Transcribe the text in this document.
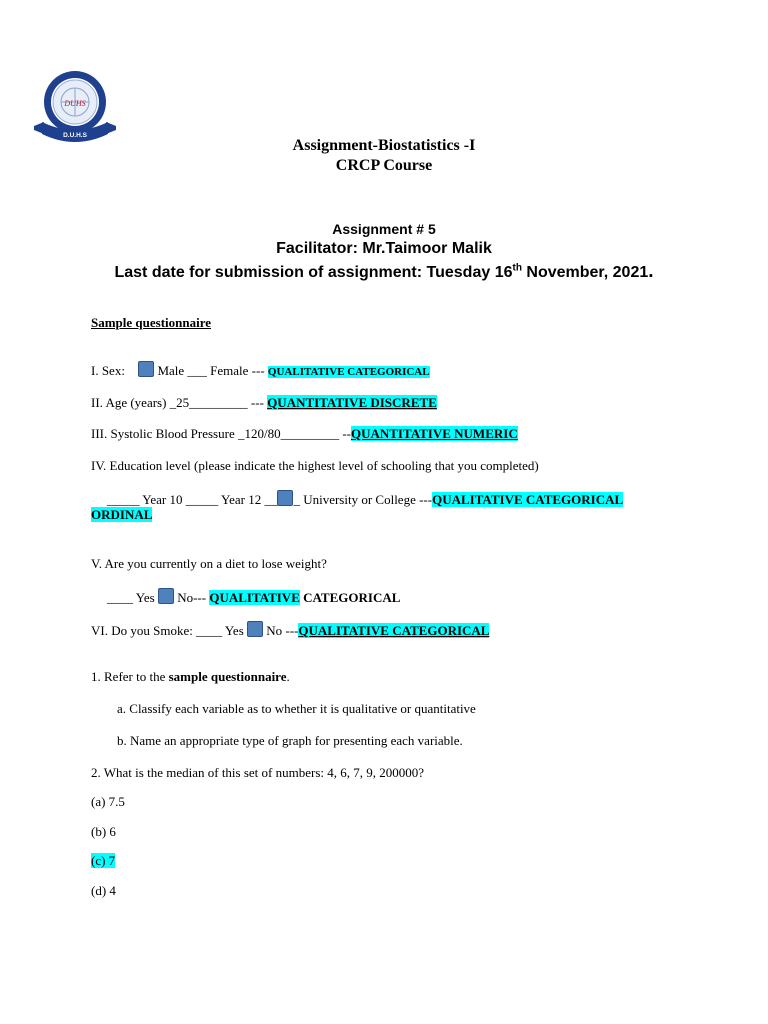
DUHS
D.U.H.S
Assignment-Biostatistics -I
CRCP Course
Assignment # 5
Facilitator: Mr.Taimoor Malik
Last date for submission of assignment: Tuesday 16th November, 2021.
Sample questionnaire
I. Sex:  Male ___ Female --- QUALITATIVE CATEGORICAL
II. Age (years) _25_________ --- QUANTITATIVE DISCRETE
III. Systolic Blood Pressure _120/80_________ --QUANTITATIVE NUMERIC
IV. Education level (please indicate the highest level of schooling that you completed)
_____ Year 10 _____ Year 12 __ _ University or College ---QUALITATIVE CATEGORICAL
ORDINAL
V. Are you currently on a diet to lose weight?
____ Yes  No--- QUALITATIVE CATEGORICAL
VI. Do you Smoke: ____ Yes  No ---QUALITATIVE CATEGORICAL
1. Refer to the sample questionnaire.
a. Classify each variable as to whether it is qualitative or quantitative
b. Name an appropriate type of graph for presenting each variable.
2. What is the median of this set of numbers: 4, 6, 7, 9, 200000?
(a) 7.5
(b) 6
(c) 7
(d) 4
